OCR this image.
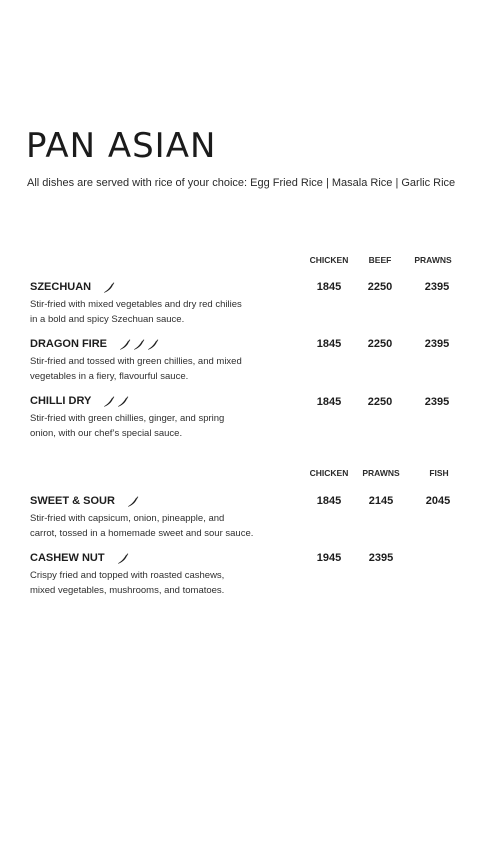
PAN ASIAN
All dishes are served with rice of your choice: Egg Fried Rice | Masala Rice | Garlic Rice
CHICKEN	BEEF	PRAWNS
SZECHUAN
Stir-fried with mixed vegetables and dry red chilies
in a bold and spicy Szechuan sauce.
1845	2250	2395
DRAGON FIRE
Stir-fried and tossed with green chillies, and mixed
vegetables in a fiery, flavourful sauce.
1845	2250	2395
CHILLI DRY
Stir-fried with green chillies, ginger, and spring
onion, with our chef’s special sauce.
1845	2250	2395
CHICKEN	PRAWNS	FISH
SWEET & SOUR
Stir-fried with capsicum, onion, pineapple, and
carrot, tossed in a homemade sweet and sour sauce.
1845	2145	2045
CASHEW NUT
Crispy fried and topped with roasted cashews,
mixed vegetables, mushrooms, and tomatoes.
1945	2395
